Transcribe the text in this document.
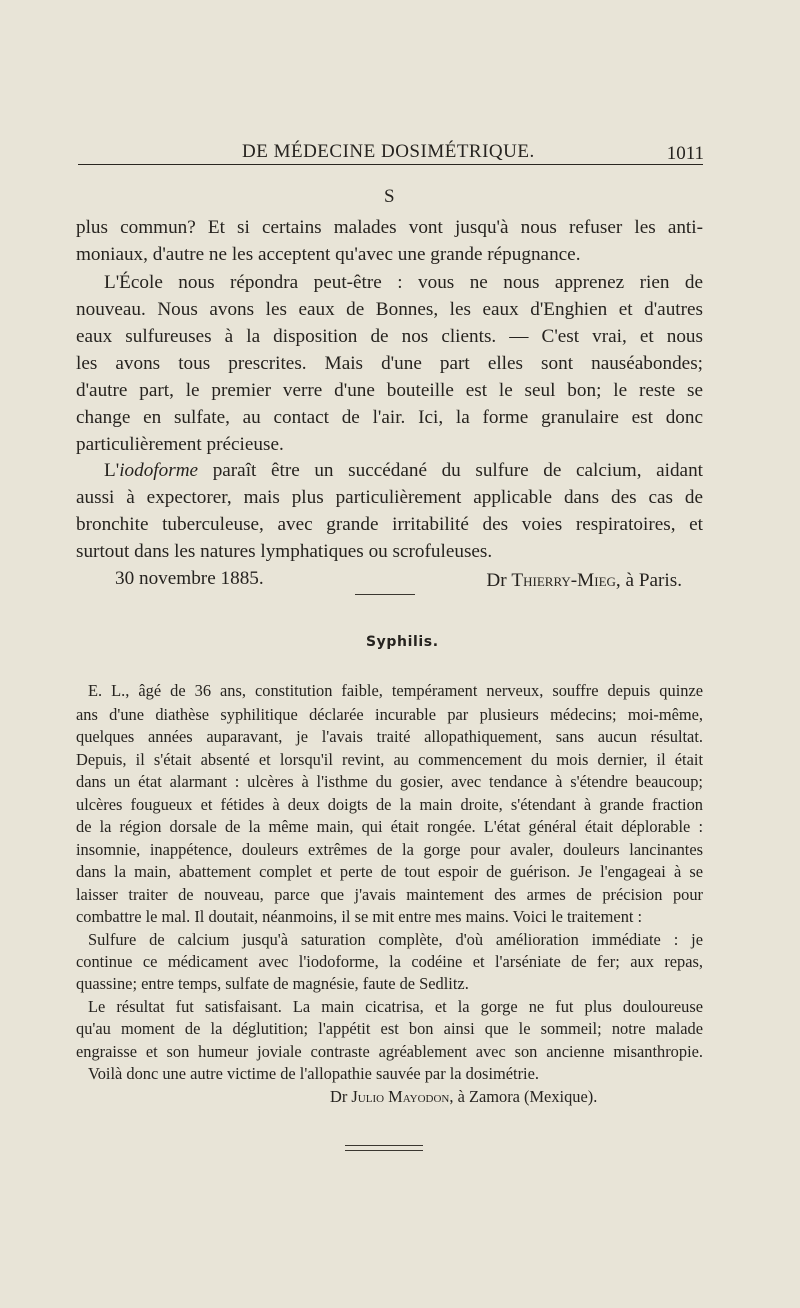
DE MÉDECINE DOSIMÉTRIQUE.	1011
S
plus commun? Et si certains malades vont jusqu'à nous refuser les anti-
moniaux, d'autre ne les acceptent qu'avec une grande répugnance.
L'École nous répondra peut-être : vous ne nous apprenez rien de
nouveau. Nous avons les eaux de Bonnes, les eaux d'Enghien et d'autres
eaux sulfureuses à la disposition de nos clients. — C'est vrai, et nous
les avons tous prescrites. Mais d'une part elles sont nauséabondes;
d'autre part, le premier verre d'une bouteille est le seul bon; le reste se
change en sulfate, au contact de l'air. Ici, la forme granulaire est donc
particulièrement précieuse.
L'iodoforme paraît être un succédané du sulfure de calcium, aidant
aussi à expectorer, mais plus particulièrement applicable dans des cas de
bronchite tuberculeuse, avec grande irritabilité des voies respiratoires, et
surtout dans les natures lymphatiques ou scrofuleuses.
30 novembre 1885.	Dr Thierry-Mieg, à Paris.
Syphilis.
E. L., âgé de 36 ans, constitution faible, tempérament nerveux, souffre depuis quinze
ans d'une diathèse syphilitique déclarée incurable par plusieurs médecins; moi-même,
quelques années auparavant, je l'avais traité allopathiquement, sans aucun résultat.
Depuis, il s'était absenté et lorsqu'il revint, au commencement du mois dernier, il était
dans un état alarmant : ulcères à l'isthme du gosier, avec tendance à s'étendre beaucoup;
ulcères fougueux et fétides à deux doigts de la main droite, s'étendant à grande fraction
de la région dorsale de la même main, qui était rongée. L'état général était déplorable :
insomnie, inappétence, douleurs extrêmes de la gorge pour avaler, douleurs lancinantes
dans la main, abattement complet et perte de tout espoir de guérison. Je l'engageai à se
laisser traiter de nouveau, parce que j'avais maintement des armes de précision pour
combattre le mal. Il doutait, néanmoins, il se mit entre mes mains. Voici le traitement :
Sulfure de calcium jusqu'à saturation complète, d'où amélioration immédiate : je
continue ce médicament avec l'iodoforme, la codéine et l'arséniate de fer; aux repas,
quassine; entre temps, sulfate de magnésie, faute de Sedlitz.
Le résultat fut satisfaisant. La main cicatrisa, et la gorge ne fut plus douloureuse
qu'au moment de la déglutition; l'appétit est bon ainsi que le sommeil; notre malade
engraisse et son humeur joviale contraste agréablement avec son ancienne misanthropie.
Voilà donc une autre victime de l'allopathie sauvée par la dosimétrie.
Dr Julio Mayodon, à Zamora (Mexique).
